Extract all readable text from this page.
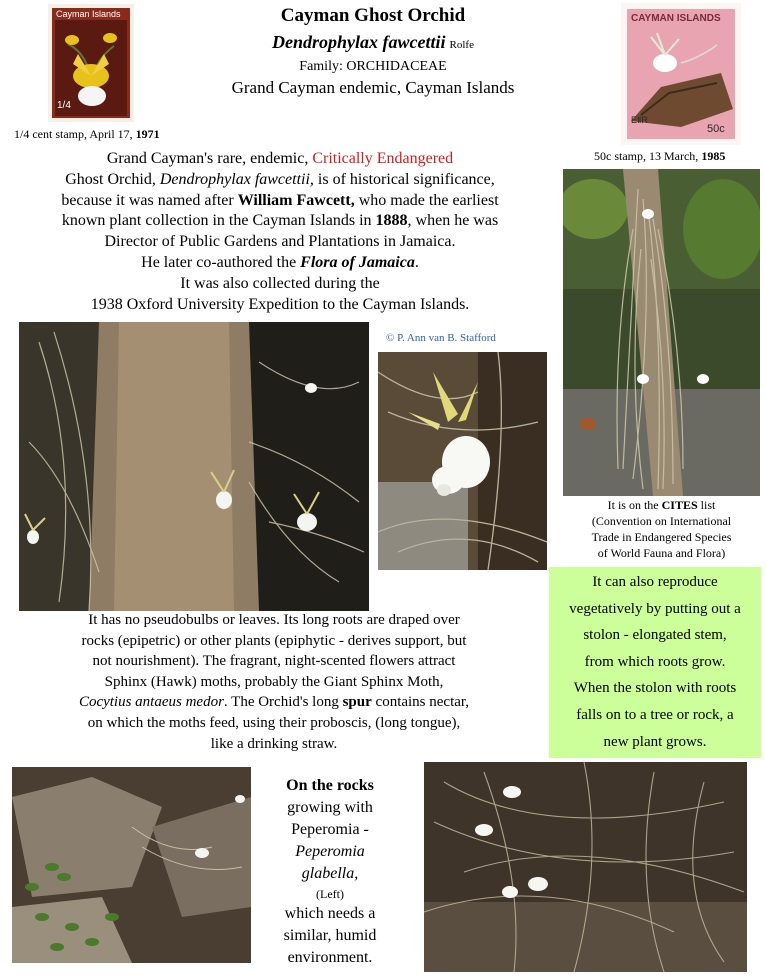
Cayman Islands
1/4
Cayman Ghost Orchid
Dendrophylax fawcettii Rolfe
Family: ORCHIDACEAE
Grand Cayman endemic, Cayman Islands
CAYMAN ISLANDS
EⅡR
50c
1/4 cent stamp, April 17, 1971
50c stamp, 13 March, 1985
Grand Cayman's rare, endemic, Critically Endangered
Ghost Orchid, Dendrophylax fawcettii, is of historical significance,
because it was named after William Fawcett, who made the earliest
known plant collection in the Cayman Islands in 1888, when he was
Director of Public Gardens and Plantations in Jamaica.
He later co-authored the Flora of Jamaica.
It was also collected during the
1938 Oxford University Expedition to the Cayman Islands.
© P. Ann van B. Stafford
It is on the CITES list
(Convention on International
Trade in Endangered Species
of World Fauna and Flora)
It can also reproduce
vegetatively by putting out a
stolon - elongated stem,
from which roots grow.
When the stolon with roots
falls on to a tree or rock, a
new plant grows.
It has no pseudobulbs or leaves. Its long roots are draped over
rocks (epipetric) or other plants (epiphytic - derives support, but
not nourishment). The fragrant, night-scented flowers attract
Sphinx (Hawk) moths, probably the Giant Sphinx Moth,
Cocytius antaeus medor. The Orchid's long spur contains nectar,
on which the moths feed, using their proboscis, (long tongue),
like a drinking straw.
On the rocks
growing with
Peperomia -
Peperomia
glabella,
(Left)
which needs a
similar, humid
environment.
